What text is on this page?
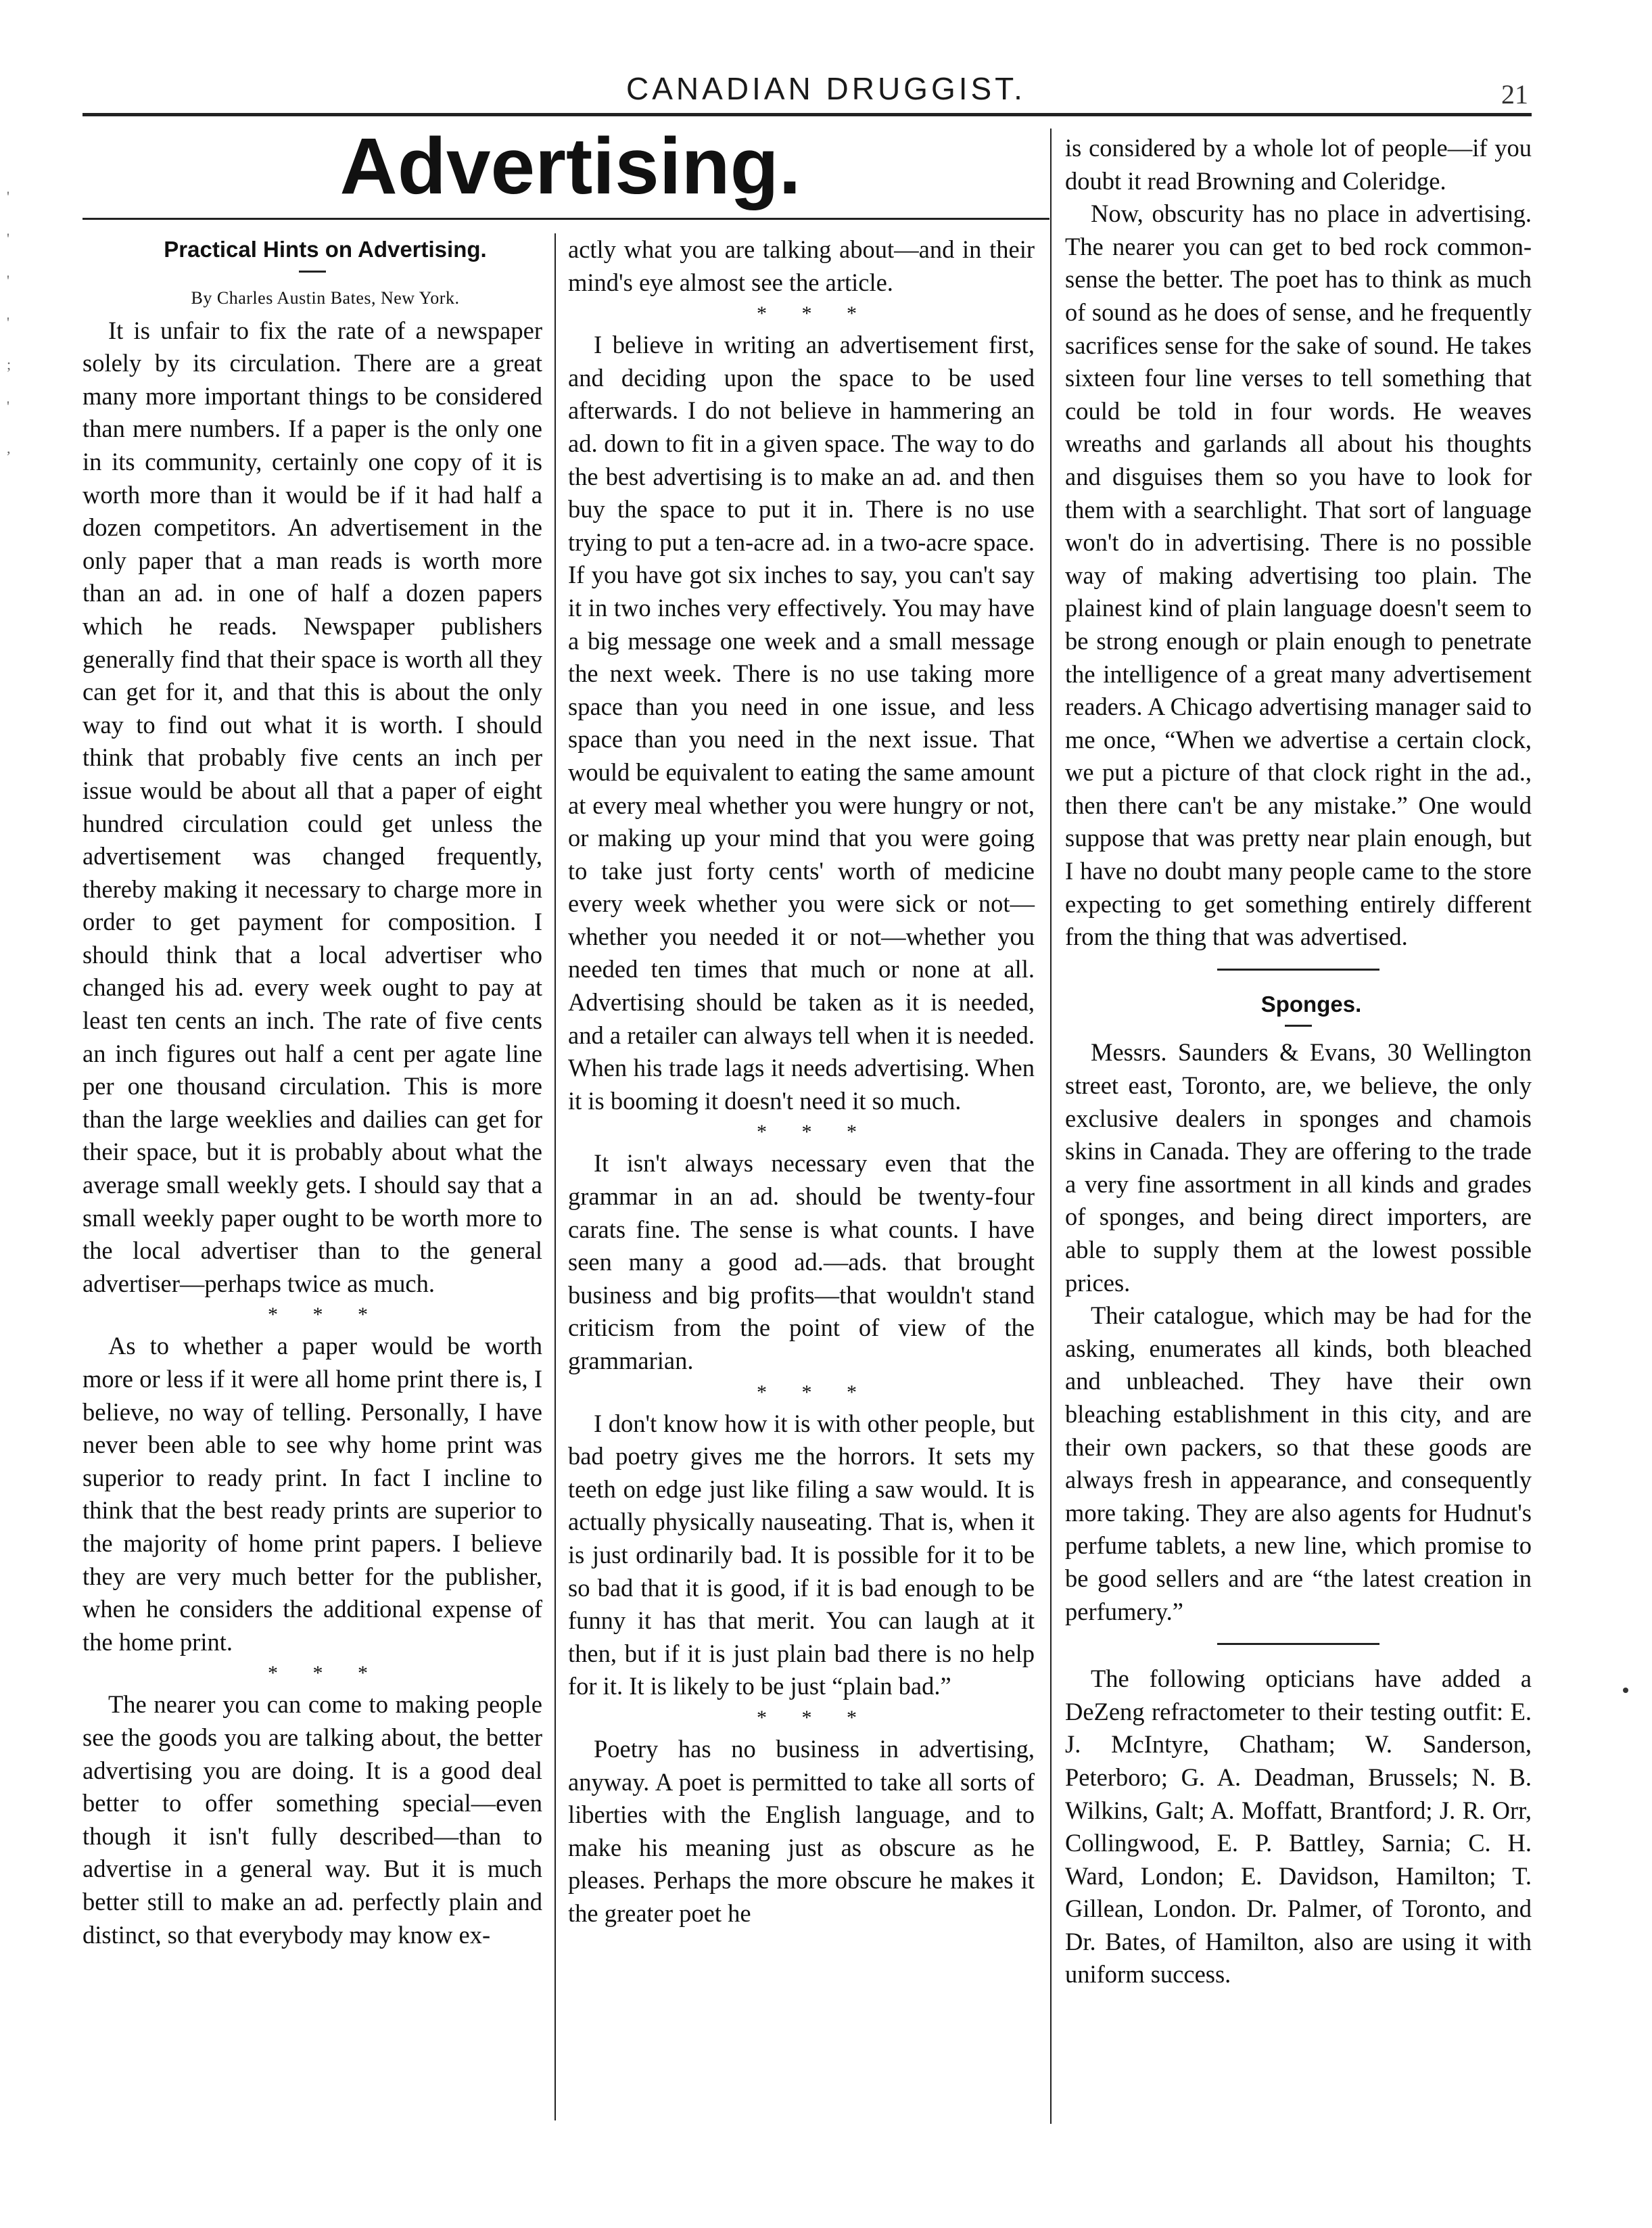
CANADIAN DRUGGIST.	21
Advertising.
'
'
'
'
;
'
,

Practical Hints on Advertising.

By Charles Austin Bates, New York.

It is unfair to fix the rate of a newspaper solely by its circulation. There are a great many more important things to be considered than mere numbers. If a paper is the only one in its community, certainly one copy of it is worth more than it would be if it had half a dozen competitors. An advertisement in the only paper that a man reads is worth more than an ad. in one of half a dozen papers which he reads. Newspaper publishers generally find that their space is worth all they can get for it, and that this is about the only way to find out what it is worth. I should think that probably five cents an inch per issue would be about all that a paper of eight hundred circulation could get unless the advertisement was changed frequently, thereby making it necessary to charge more in order to get payment for composition. I should think that a local advertiser who changed his ad. every week ought to pay at least ten cents an inch. The rate of five cents an inch figures out half a cent per agate line per one thousand circulation. This is more than the large weeklies and dailies can get for their space, but it is probably about what the average small weekly gets. I should say that a small weekly paper ought to be worth more to the local advertiser than to the general advertiser—perhaps twice as much.

* * *

As to whether a paper would be worth more or less if it were all home print there is, I believe, no way of telling. Personally, I have never been able to see why home print was superior to ready print. In fact I incline to think that the best ready prints are superior to the majority of home print papers. I believe they are very much better for the publisher, when he considers the additional expense of the home print.

* * *

The nearer you can come to making people see the goods you are talking about, the better advertising you are doing. It is a good deal better to offer something special—even though it isn't fully described—than to advertise in a general way. But it is much better still to make an ad. perfectly plain and distinct, so that everybody may know ex-

actly what you are talking about—and in their mind's eye almost see the article.

* * *

I believe in writing an advertisement first, and deciding upon the space to be used afterwards. I do not believe in hammering an ad. down to fit in a given space. The way to do the best advertising is to make an ad. and then buy the space to put it in. There is no use trying to put a ten-acre ad. in a two-acre space. If you have got six inches to say, you can't say it in two inches very effectively. You may have a big message one week and a small message the next week. There is no use taking more space than you need in one issue, and less space than you need in the next issue. That would be equivalent to eating the same amount at every meal whether you were hungry or not, or making up your mind that you were going to take just forty cents' worth of medicine every week whether you were sick or not—whether you needed it or not—whether you needed ten times that much or none at all. Advertising should be taken as it is needed, and a retailer can always tell when it is needed. When his trade lags it needs advertising. When it is booming it doesn't need it so much.

* * *

It isn't always necessary even that the grammar in an ad. should be twenty-four carats fine. The sense is what counts. I have seen many a good ad.—ads. that brought business and big profits—that wouldn't stand criticism from the point of view of the grammarian.

* * *

I don't know how it is with other people, but bad poetry gives me the horrors. It sets my teeth on edge just like filing a saw would. It is actually physically nauseating. That is, when it is just ordinarily bad. It is possible for it to be so bad that it is good, if it is bad enough to be funny it has that merit. You can laugh at it then, but if it is just plain bad there is no help for it. It is likely to be just “plain bad.”

* * *

Poetry has no business in advertising, anyway. A poet is permitted to take all sorts of liberties with the English language, and to make his meaning just as obscure as he pleases. Perhaps the more obscure he makes it the greater poet he

is considered by a whole lot of people—if you doubt it read Browning and Coleridge.

Now, obscurity has no place in advertising. The nearer you can get to bed rock common-sense the better. The poet has to think as much of sound as he does of sense, and he frequently sacrifices sense for the sake of sound. He takes sixteen four line verses to tell something that could be told in four words. He weaves wreaths and garlands all about his thoughts and disguises them so you have to look for them with a searchlight. That sort of language won't do in advertising. There is no possible way of making advertising too plain. The plainest kind of plain language doesn't seem to be strong enough or plain enough to penetrate the intelligence of a great many advertisement readers. A Chicago advertising manager said to me once, “When we advertise a certain clock, we put a picture of that clock right in the ad., then there can't be any mistake.” One would suppose that was pretty near plain enough, but I have no doubt many people came to the store expecting to get something entirely different from the thing that was advertised.

Sponges.

Messrs. Saunders & Evans, 30 Wellington street east, Toronto, are, we believe, the only exclusive dealers in sponges and chamois skins in Canada. They are offering to the trade a very fine assortment in all kinds and grades of sponges, and being direct importers, are able to supply them at the lowest possible prices.

Their catalogue, which may be had for the asking, enumerates all kinds, both bleached and unbleached. They have their own bleaching establishment in this city, and are their own packers, so that these goods are always fresh in appearance, and consequently more taking. They are also agents for Hudnut's perfume tablets, a new line, which promise to be good sellers and are “the latest creation in perfumery.”

The following opticians have added a DeZeng refractometer to their testing outfit: E. J. McIntyre, Chatham; W. Sanderson, Peterboro; G. A. Deadman, Brussels; N. B. Wilkins, Galt; A. Moffatt, Brantford; J. R. Orr, Collingwood, E. P. Battley, Sarnia; C. H. Ward, London; E. Davidson, Hamilton; T. Gillean, London. Dr. Palmer, of Toronto, and Dr. Bates, of Hamilton, also are using it with uniform success.
